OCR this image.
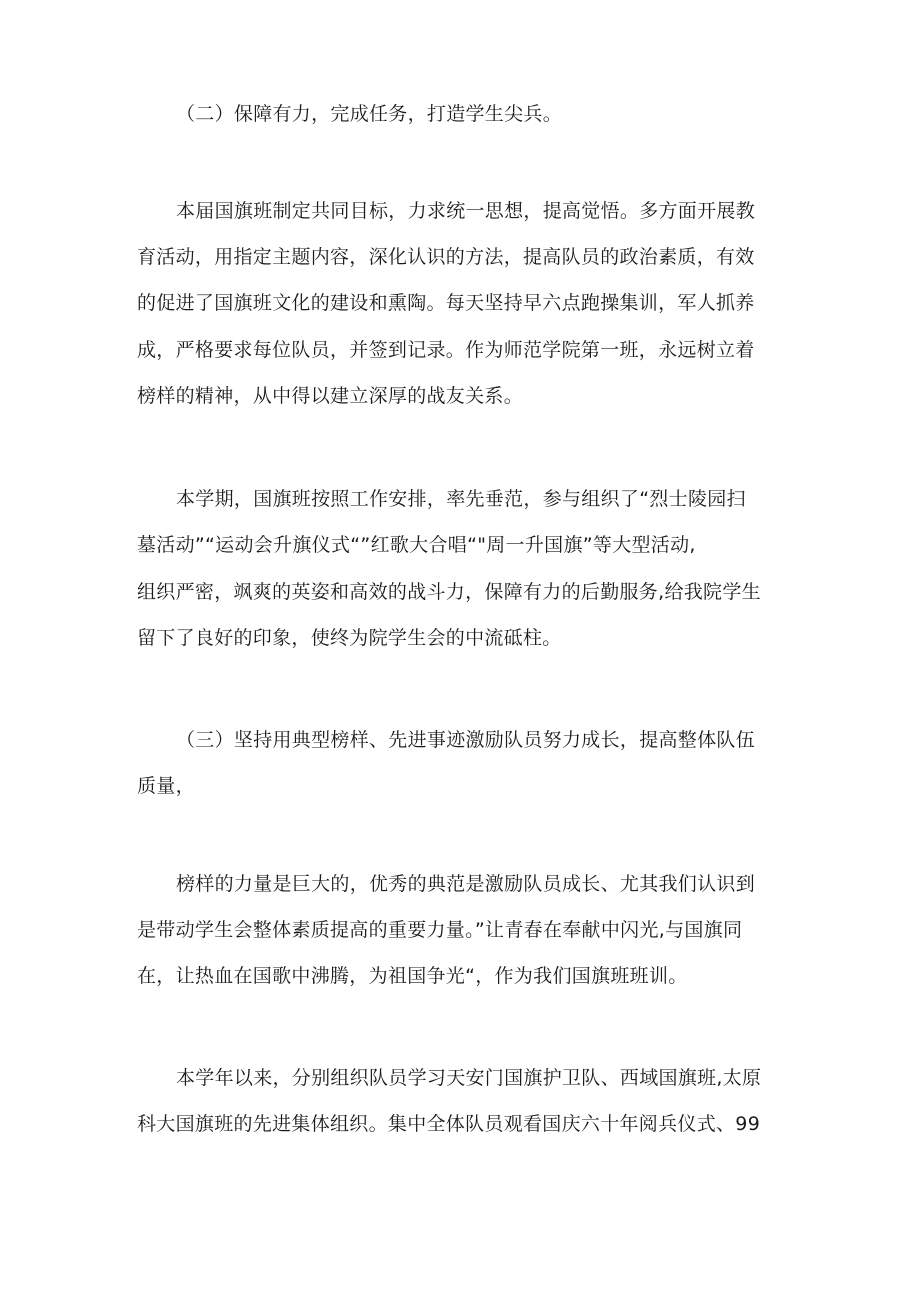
（二）保障有力，完成任务，打造学生尖兵。
本届国旗班制定共同目标，力求统一思想，提高觉悟。多方面开展教
育活动，用指定主题内容，深化认识的方法，提高队员的政治素质，有效
的促进了国旗班文化的建设和熏陶。每天坚持早六点跑操集训，军人抓养
成，严格要求每位队员，并签到记录。作为师范学院第一班，永远树立着
榜样的精神，从中得以建立深厚的战友关系。
本学期，国旗班按照工作安排，率先垂范，参与组织了“烈士陵园扫
墓活动”“运动会升旗仪式“”红歌大合唱“"周一升国旗”等大型活动,
组织严密，飒爽的英姿和高效的战斗力，保障有力的后勤服务,给我院学生
留下了良好的印象，使终为院学生会的中流砥柱。
（三）坚持用典型榜样、先进事迹激励队员努力成长，提高整体队伍
质量，
榜样的力量是巨大的，优秀的典范是激励队员成长、尤其我们认识到
是带动学生会整体素质提高的重要力量。”让青春在奉献中闪光,与国旗同
在，让热血在国歌中沸腾，为祖国争光“，作为我们国旗班班训。
本学年以来，分别组织队员学习天安门国旗护卫队、西域国旗班,太原
科大国旗班的先进集体组织。集中全体队员观看国庆六十年阅兵仪式、99
